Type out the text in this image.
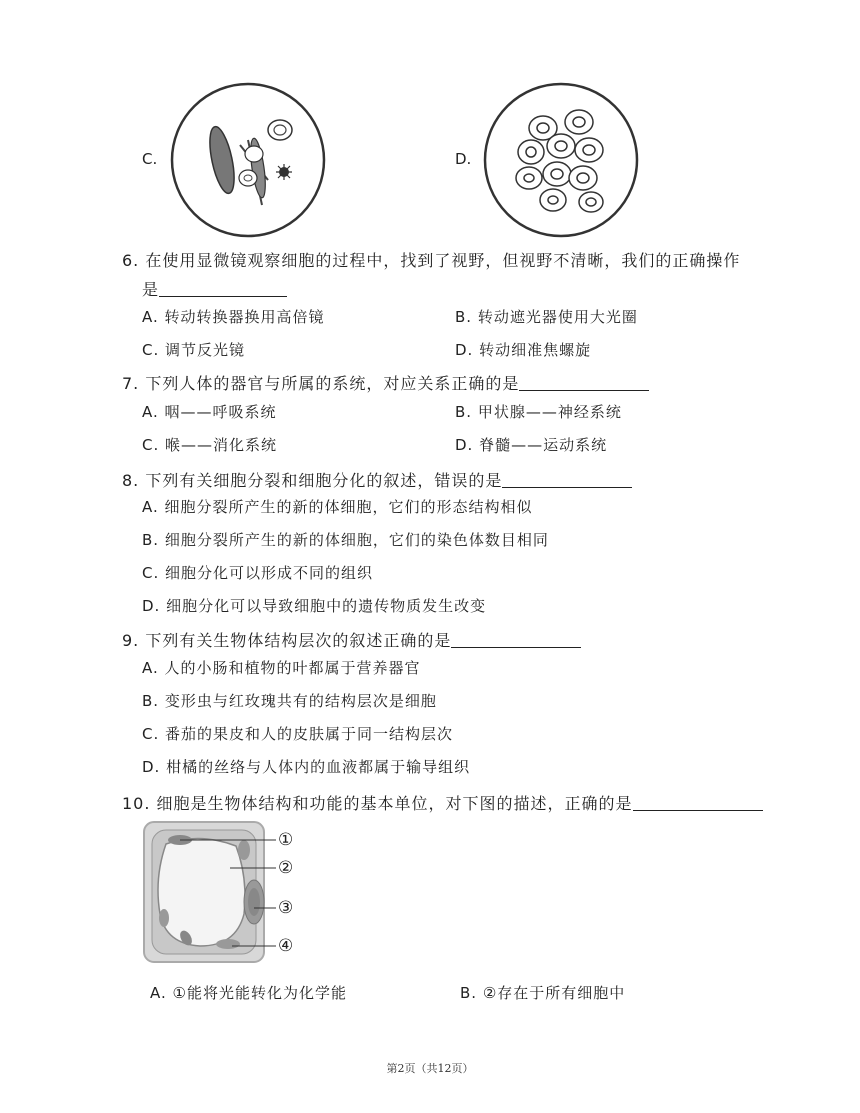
C.	D.
6. 在使用显微镜观察细胞的过程中，找到了视野，但视野不清晰，我们的正确操作
是
A. 转动转换器换用高倍镜	B. 转动遮光器使用大光圈
C. 调节反光镜	D. 转动细准焦螺旋
7. 下列人体的器官与所属的系统，对应关系正确的是
A. 咽——呼吸系统	B. 甲状腺——神经系统
C. 喉——消化系统	D. 脊髓——运动系统
8. 下列有关细胞分裂和细胞分化的叙述，错误的是
A. 细胞分裂所产生的新的体细胞，它们的形态结构相似
B. 细胞分裂所产生的新的体细胞，它们的染色体数目相同
C. 细胞分化可以形成不同的组织
D. 细胞分化可以导致细胞中的遗传物质发生改变
9. 下列有关生物体结构层次的叙述正确的是
A. 人的小肠和植物的叶都属于营养器官
B. 变形虫与红玫瑰共有的结构层次是细胞
C. 番茄的果皮和人的皮肤属于同一结构层次
D. 柑橘的丝络与人体内的血液都属于输导组织
10. 细胞是生物体结构和功能的基本单位，对下图的描述，正确的是
①
②
③
④
A. ①能将光能转化为化学能	B. ②存在于所有细胞中
第2页（共12页）
